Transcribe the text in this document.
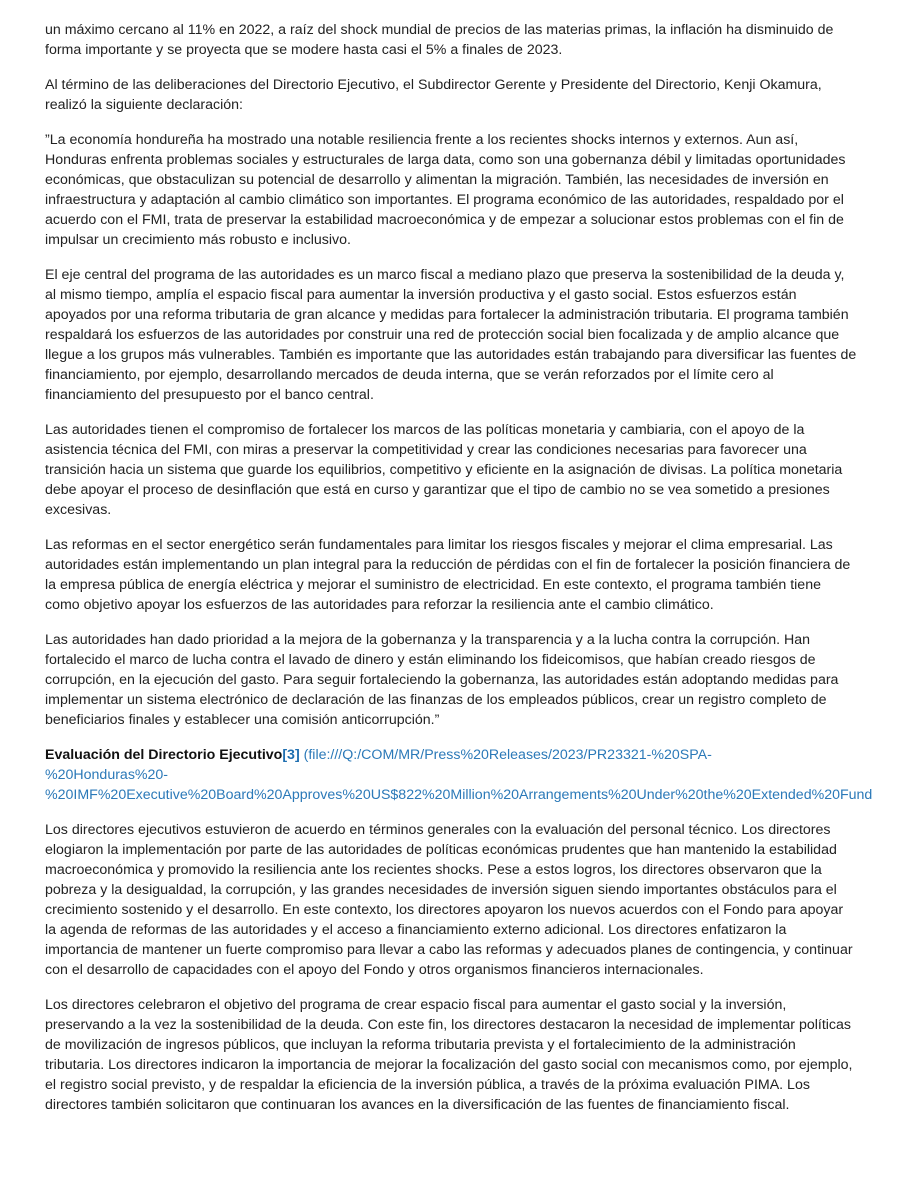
un máximo cercano al 11% en 2022, a raíz del shock mundial de precios de las materias primas, la inflación ha disminuido de forma importante y se proyecta que se modere hasta casi el 5% a finales de 2023.

Al término de las deliberaciones del Directorio Ejecutivo, el Subdirector Gerente y Presidente del Directorio, Kenji Okamura, realizó la siguiente declaración:

”La economía hondureña ha mostrado una notable resiliencia frente a los recientes shocks internos y externos. Aun así, Honduras enfrenta problemas sociales y estructurales de larga data, como son una gobernanza débil y limitadas oportunidades económicas, que obstaculizan su potencial de desarrollo y alimentan la migración. También, las necesidades de inversión en infraestructura y adaptación al cambio climático son importantes. El programa económico de las autoridades, respaldado por el acuerdo con el FMI, trata de preservar la estabilidad macroeconómica y de empezar a solucionar estos problemas con el fin de impulsar un crecimiento más robusto e inclusivo.

El eje central del programa de las autoridades es un marco fiscal a mediano plazo que preserva la sostenibilidad de la deuda y, al mismo tiempo, amplía el espacio fiscal para aumentar la inversión productiva y el gasto social. Estos esfuerzos están apoyados por una reforma tributaria de gran alcance y medidas para fortalecer la administración tributaria. El programa también respaldará los esfuerzos de las autoridades por construir una red de protección social bien focalizada y de amplio alcance que llegue a los grupos más vulnerables. También es importante que las autoridades están trabajando para diversificar las fuentes de financiamiento, por ejemplo, desarrollando mercados de deuda interna, que se verán reforzados por el límite cero al financiamiento del presupuesto por el banco central.

Las autoridades tienen el compromiso de fortalecer los marcos de las políticas monetaria y cambiaria, con el apoyo de la asistencia técnica del FMI, con miras a preservar la competitividad y crear las condiciones necesarias para favorecer una transición hacia un sistema que guarde los equilibrios, competitivo y eficiente en la asignación de divisas. La política monetaria debe apoyar el proceso de desinflación que está en curso y garantizar que el tipo de cambio no se vea sometido a presiones excesivas.

Las reformas en el sector energético serán fundamentales para limitar los riesgos fiscales y mejorar el clima empresarial. Las autoridades están implementando un plan integral para la reducción de pérdidas con el fin de fortalecer la posición financiera de la empresa pública de energía eléctrica y mejorar el suministro de electricidad. En este contexto, el programa también tiene como objetivo apoyar los esfuerzos de las autoridades para reforzar la resiliencia ante el cambio climático.

Las autoridades han dado prioridad a la mejora de la gobernanza y la transparencia y a la lucha contra la corrupción. Han fortalecido el marco de lucha contra el lavado de dinero y están eliminando los fideicomisos, que habían creado riesgos de corrupción, en la ejecución del gasto. Para seguir fortaleciendo la gobernanza, las autoridades están adoptando medidas para implementar un sistema electrónico de declaración de las finanzas de los empleados públicos, crear un registro completo de beneficiarios finales y establecer una comisión anticorrupción.”

Evaluación del Directorio Ejecutivo[3] (file:///Q:/COM/MR/Press%20Releases/2023/PR23321-%20SPA-
%20Honduras%20-
%20IMF%20Executive%20Board%20Approves%20US$822%20Million%20Arrangements%20Under%20the%20Extended%20Fund

Los directores ejecutivos estuvieron de acuerdo en términos generales con la evaluación del personal técnico. Los directores elogiaron la implementación por parte de las autoridades de políticas económicas prudentes que han mantenido la estabilidad macroeconómica y promovido la resiliencia ante los recientes shocks. Pese a estos logros, los directores observaron que la pobreza y la desigualdad, la corrupción, y las grandes necesidades de inversión siguen siendo importantes obstáculos para el crecimiento sostenido y el desarrollo. En este contexto, los directores apoyaron los nuevos acuerdos con el Fondo para apoyar la agenda de reformas de las autoridades y el acceso a financiamiento externo adicional. Los directores enfatizaron la importancia de mantener un fuerte compromiso para llevar a cabo las reformas y adecuados planes de contingencia, y continuar con el desarrollo de capacidades con el apoyo del Fondo y otros organismos financieros internacionales.

Los directores celebraron el objetivo del programa de crear espacio fiscal para aumentar el gasto social y la inversión, preservando a la vez la sostenibilidad de la deuda. Con este fin, los directores destacaron la necesidad de implementar políticas de movilización de ingresos públicos, que incluyan la reforma tributaria prevista y el fortalecimiento de la administración tributaria. Los directores indicaron la importancia de mejorar la focalización del gasto social con mecanismos como, por ejemplo, el registro social previsto, y de respaldar la eficiencia de la inversión pública, a través de la próxima evaluación PIMA. Los directores también solicitaron que continuaran los avances en la diversificación de las fuentes de financiamiento fiscal.
